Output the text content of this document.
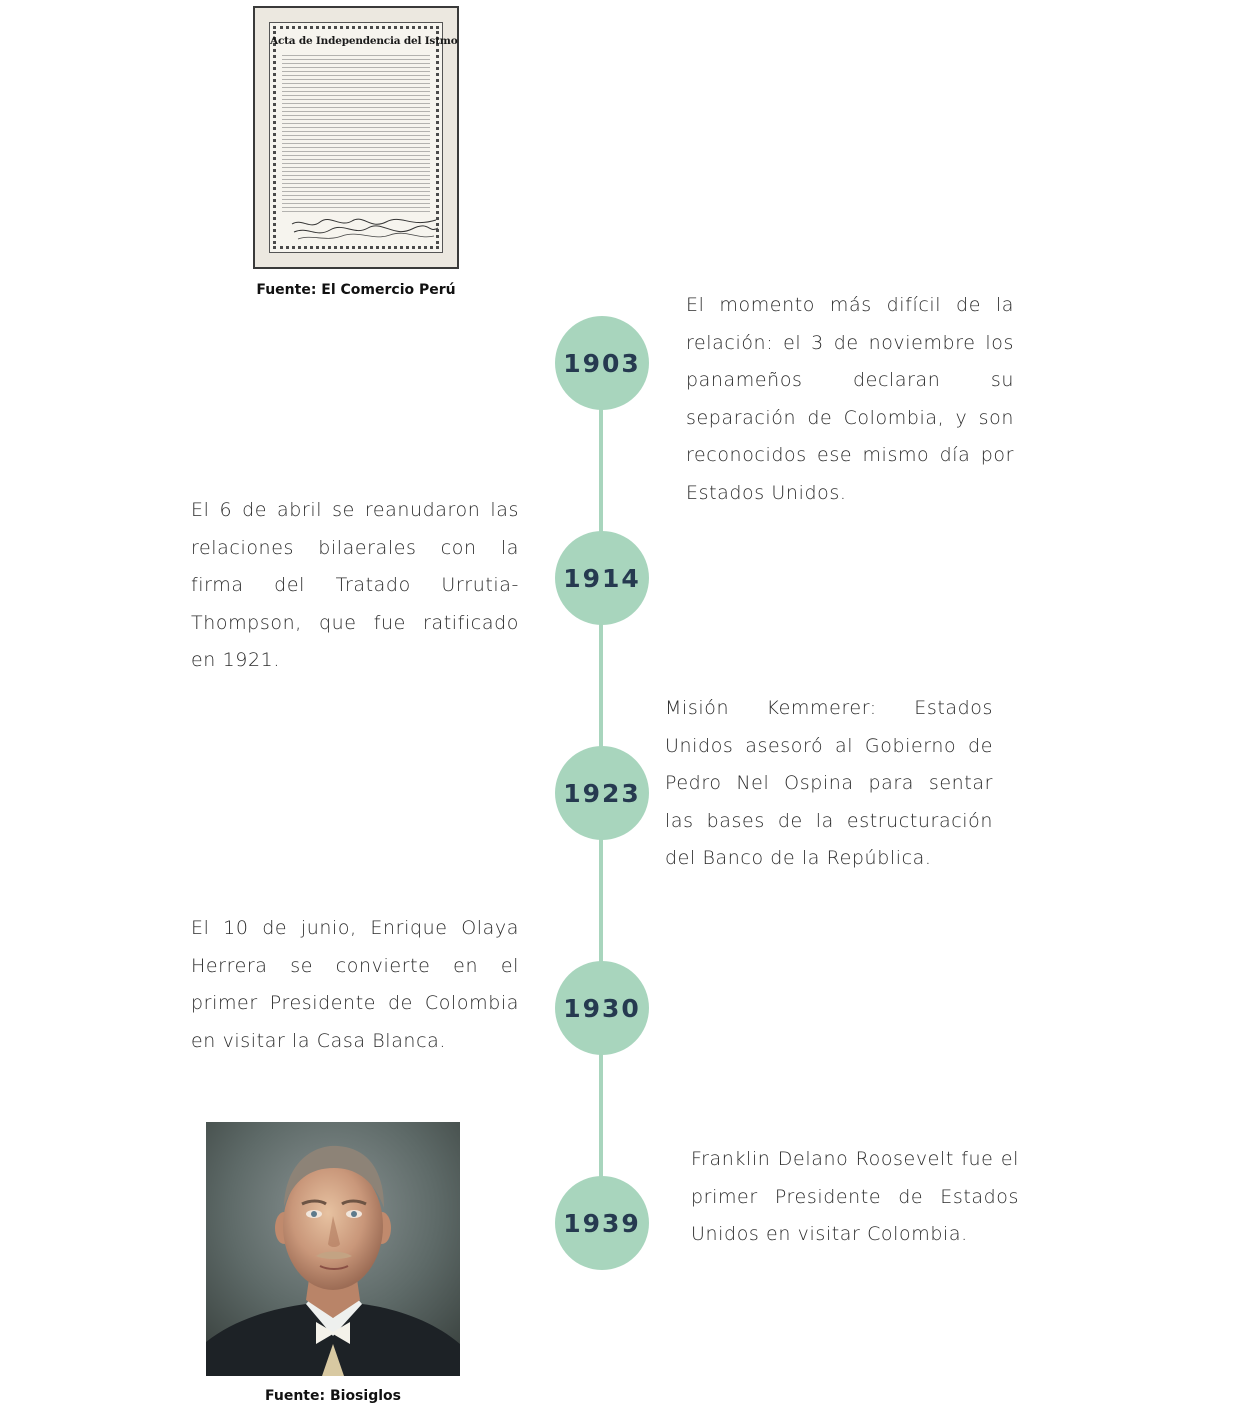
Acta de Independencia del Istmo
Fuente: El Comercio Perú
1903

El momento más difícil de la relación: el 3 de noviembre los panameños declaran su separación de Colombia, y son reconocidos ese mismo día por Estados Unidos.

1914

El 6 de abril se reanudaron las relaciones bilaerales con la firma del Tratado Urrutia-Thompson, que fue ratificado en 1921.

1923

Misión Kemmerer: Estados Unidos asesoró al Gobierno de Pedro Nel Ospina para sentar las bases de la estructuración del Banco de la República.

1930

El 10 de junio, Enrique Olaya Herrera se convierte en el primer Presidente de Colombia en visitar la Casa Blanca.

1939

Franklin Delano Roosevelt fue el primer Presidente de Estados Unidos en visitar Colombia.

Fuente: Biosiglos
